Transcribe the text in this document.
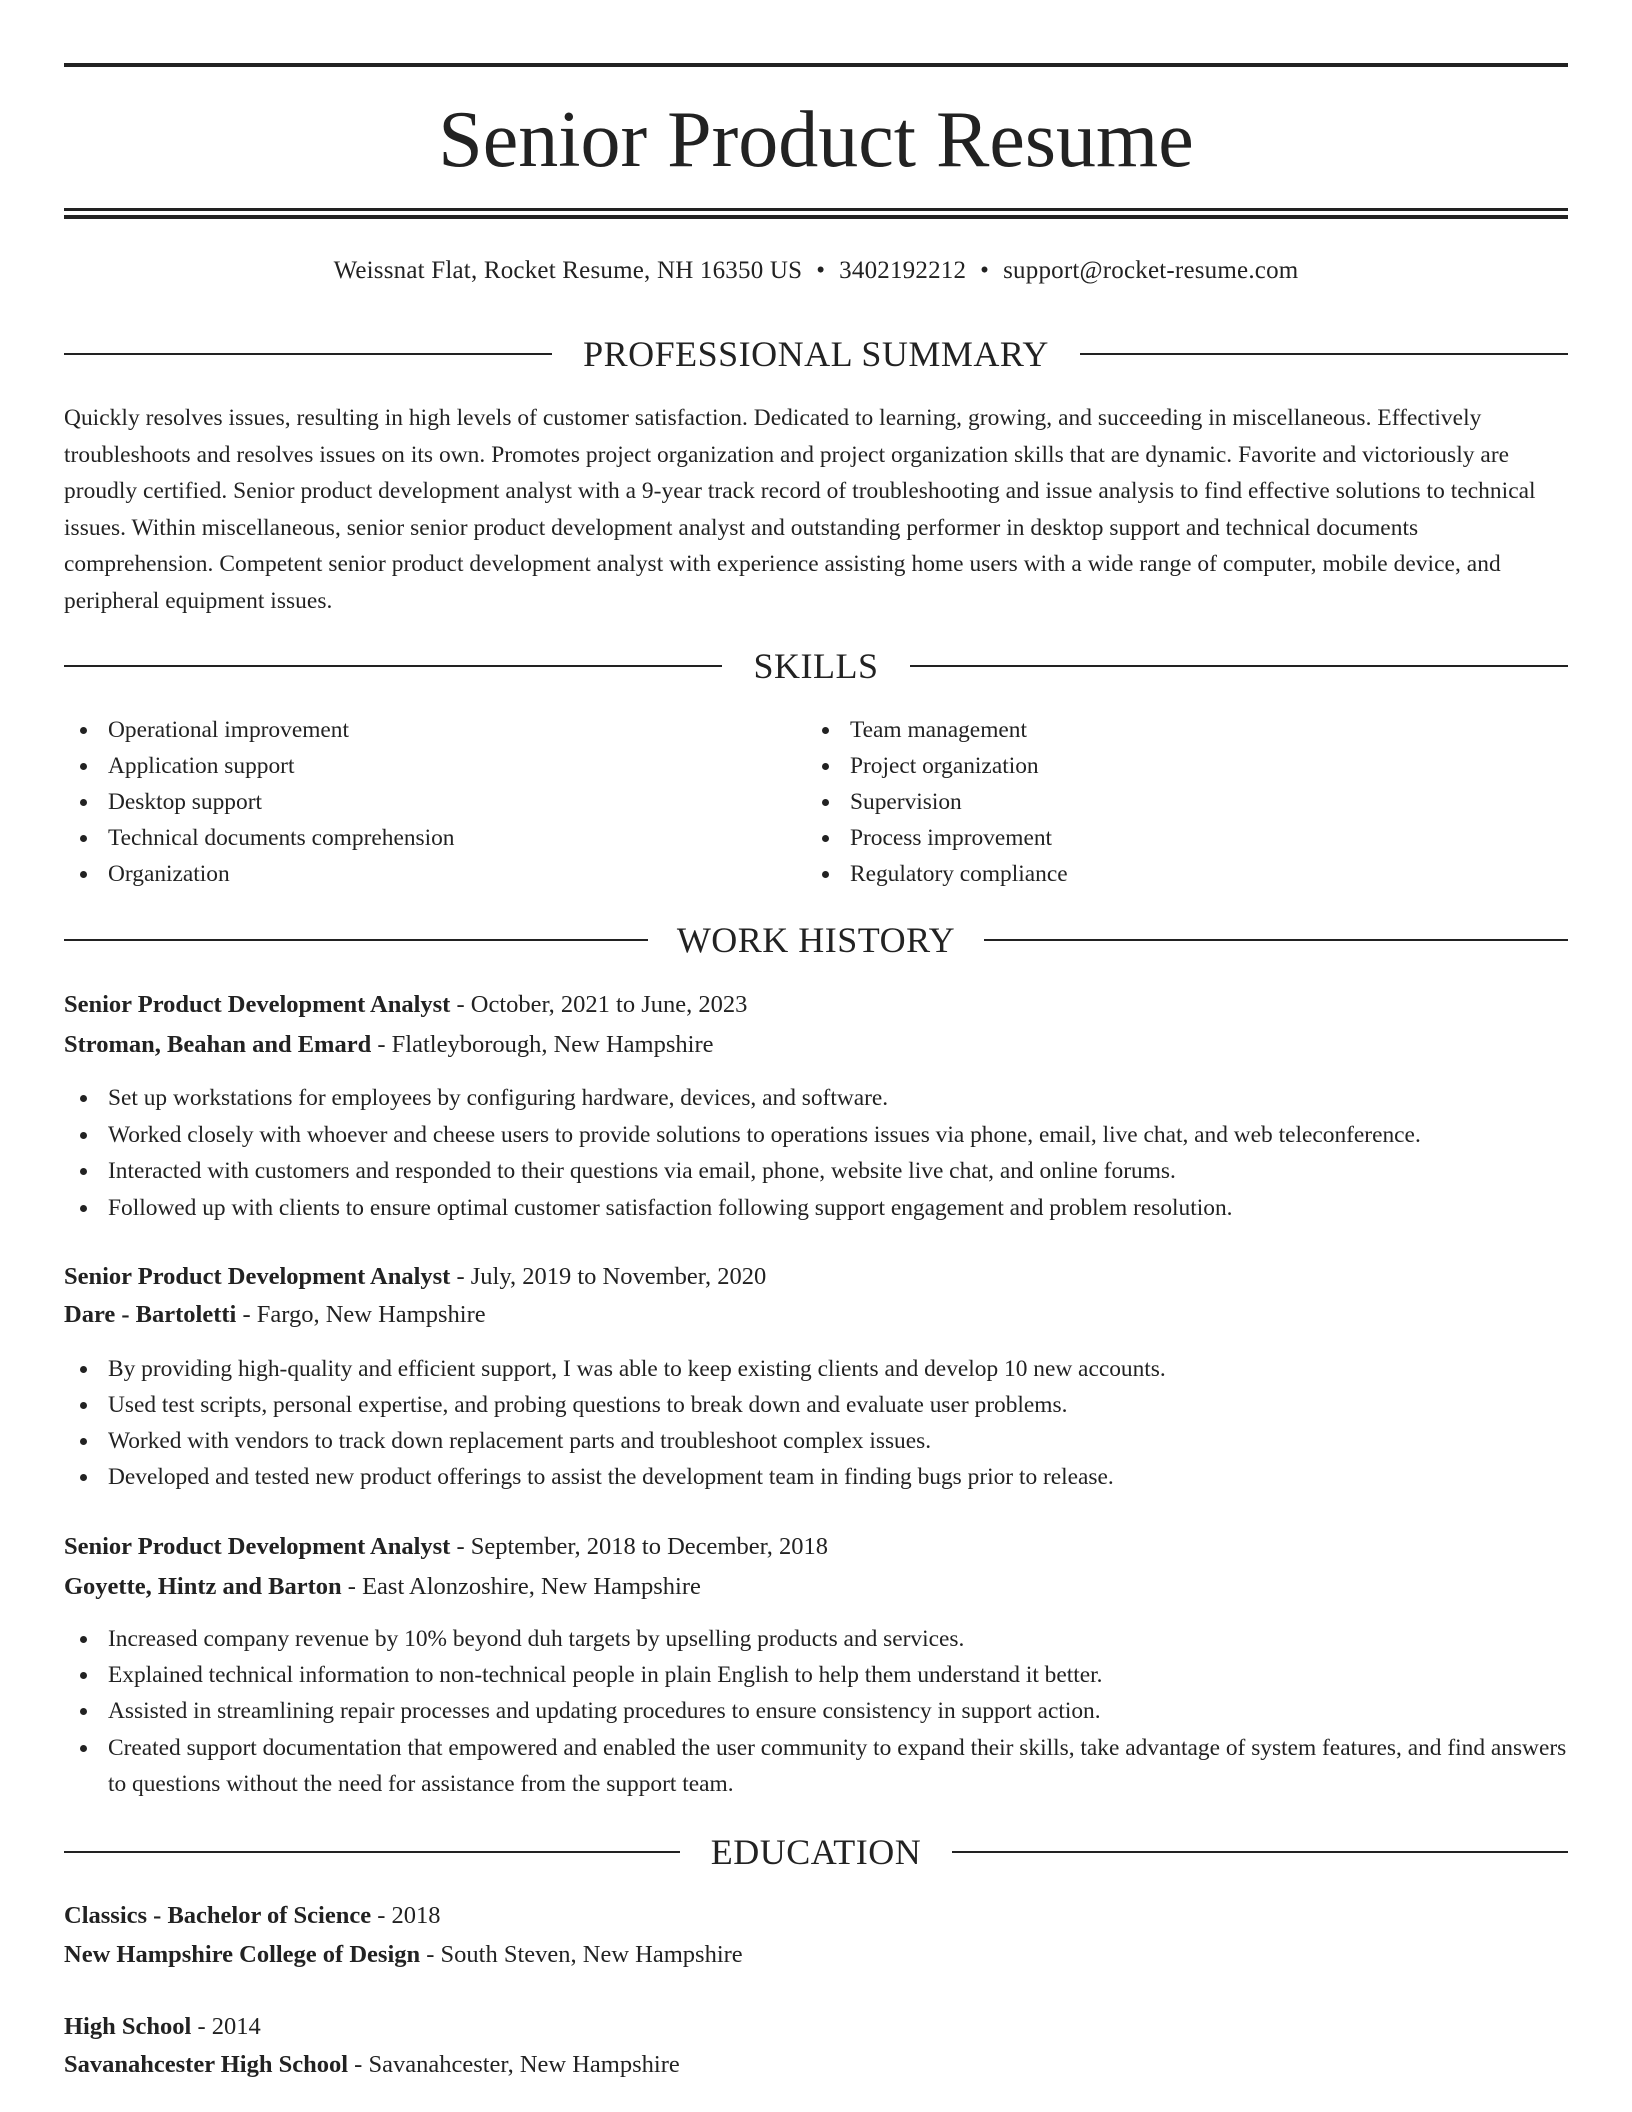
Senior Product Resume
Weissnat Flat, Rocket Resume, NH 16350 US • 3402192212 • support@rocket-resume.com
PROFESSIONAL SUMMARY
Quickly resolves issues, resulting in high levels of customer satisfaction. Dedicated to learning, growing, and succeeding in miscellaneous. Effectively troubleshoots and resolves issues on its own. Promotes project organization and project organization skills that are dynamic. Favorite and victoriously are proudly certified. Senior product development analyst with a 9-year track record of troubleshooting and issue analysis to find effective solutions to technical issues. Within miscellaneous, senior senior product development analyst and outstanding performer in desktop support and technical documents comprehension. Competent senior product development analyst with experience assisting home users with a wide range of computer, mobile device, and peripheral equipment issues.
SKILLS
Operational improvement
Application support
Desktop support
Technical documents comprehension
Organization
Team management
Project organization
Supervision
Process improvement
Regulatory compliance
WORK HISTORY
Senior Product Development Analyst - October, 2021 to June, 2023
Stroman, Beahan and Emard - Flatleyborough, New Hampshire
Set up workstations for employees by configuring hardware, devices, and software.
Worked closely with whoever and cheese users to provide solutions to operations issues via phone, email, live chat, and web teleconference.
Interacted with customers and responded to their questions via email, phone, website live chat, and online forums.
Followed up with clients to ensure optimal customer satisfaction following support engagement and problem resolution.
Senior Product Development Analyst - July, 2019 to November, 2020
Dare - Bartoletti - Fargo, New Hampshire
By providing high-quality and efficient support, I was able to keep existing clients and develop 10 new accounts.
Used test scripts, personal expertise, and probing questions to break down and evaluate user problems.
Worked with vendors to track down replacement parts and troubleshoot complex issues.
Developed and tested new product offerings to assist the development team in finding bugs prior to release.
Senior Product Development Analyst - September, 2018 to December, 2018
Goyette, Hintz and Barton - East Alonzoshire, New Hampshire
Increased company revenue by 10% beyond duh targets by upselling products and services.
Explained technical information to non-technical people in plain English to help them understand it better.
Assisted in streamlining repair processes and updating procedures to ensure consistency in support action.
Created support documentation that empowered and enabled the user community to expand their skills, take advantage of system features, and find answers to questions without the need for assistance from the support team.
EDUCATION
Classics - Bachelor of Science - 2018
New Hampshire College of Design - South Steven, New Hampshire
High School - 2014
Savanahcester High School - Savanahcester, New Hampshire
